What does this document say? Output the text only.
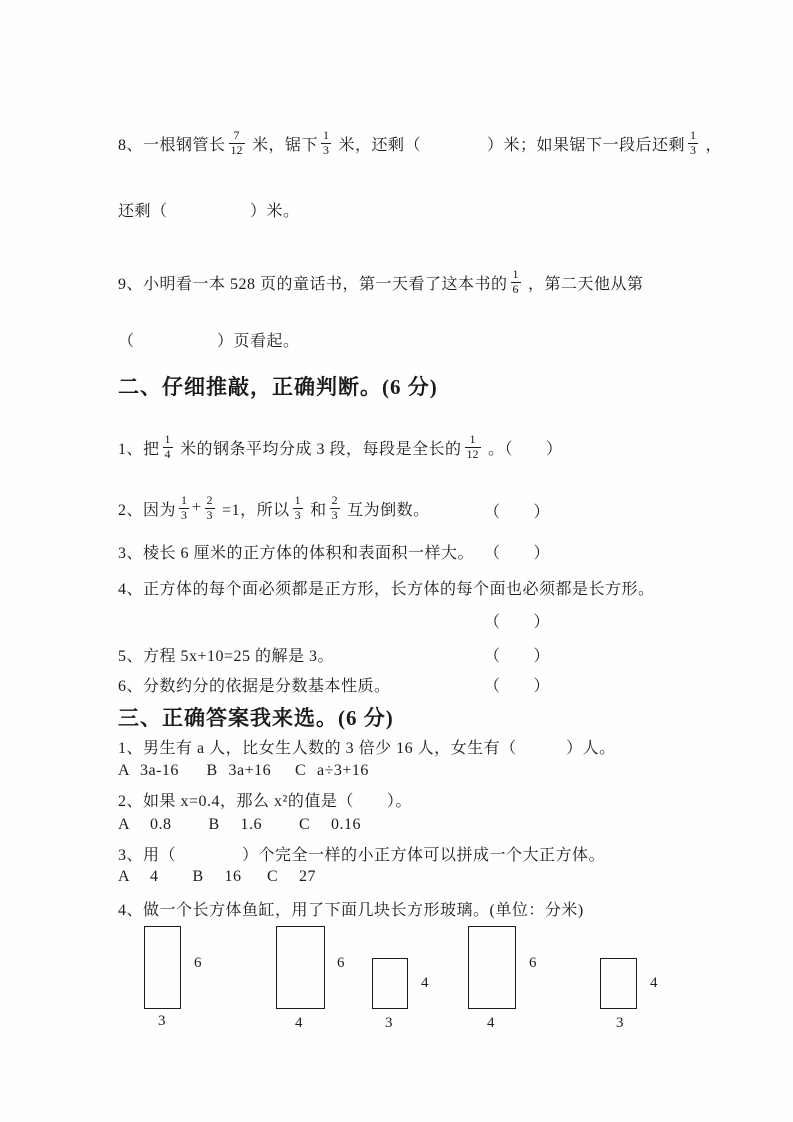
8、一根钢管长 $\frac{7}{12}$ 米，锯下 $\frac{1}{3}$ 米，还剩（　　　　）米；如果锯下一段后还剩 $\frac{1}{3}$ ，
还剩（　　　　　）米。
9、小明看一本 528 页的童话书，第一天看了这本书的 $\frac{1}{6}$ ，第二天他从第
（　　　　　）页看起。
二、仔细推敲，正确判断。(6 分)
1、把 $\frac{1}{4}$ 米的钢条平均分成 3 段，每段是全长的 $\frac{1}{12}$ 。（　　）
2、因为 $\frac{1}{3} + \frac{2}{3} =1$，所以 $\frac{1}{3}$ 和 $\frac{2}{3}$ 互为倒数。	（　　）
3、棱长 6 厘米的正方体的体积和表面积一样大。 （　　）
4、正方体的每个面必须都是正方形，长方体的每个面也必须都是长方形。
（　　）
5、方程 5x+10=25 的解是 3。	（　　）
6、分数约分的依据是分数基本性质。	（　　）
三、正确答案我来选。(6 分)
1、男生有 a 人，比女生人数的 3 倍少 16 人，女生有（　　　）人。
A 3a-16 B 3a+16 C a÷3+16
2、如果 x=0.4，那么 x²的值是（　　）。
A 0.8 B 1.6 C 0.16
3、用（　　　　）个完全一样的小正方体可以拼成一个大正方体。
A 4 B 16 C 27
4、做一个长方体鱼缸，用了下面几块长方形玻璃。(单位：分米)
6
3
6
4
4
3
6
4
4
3
